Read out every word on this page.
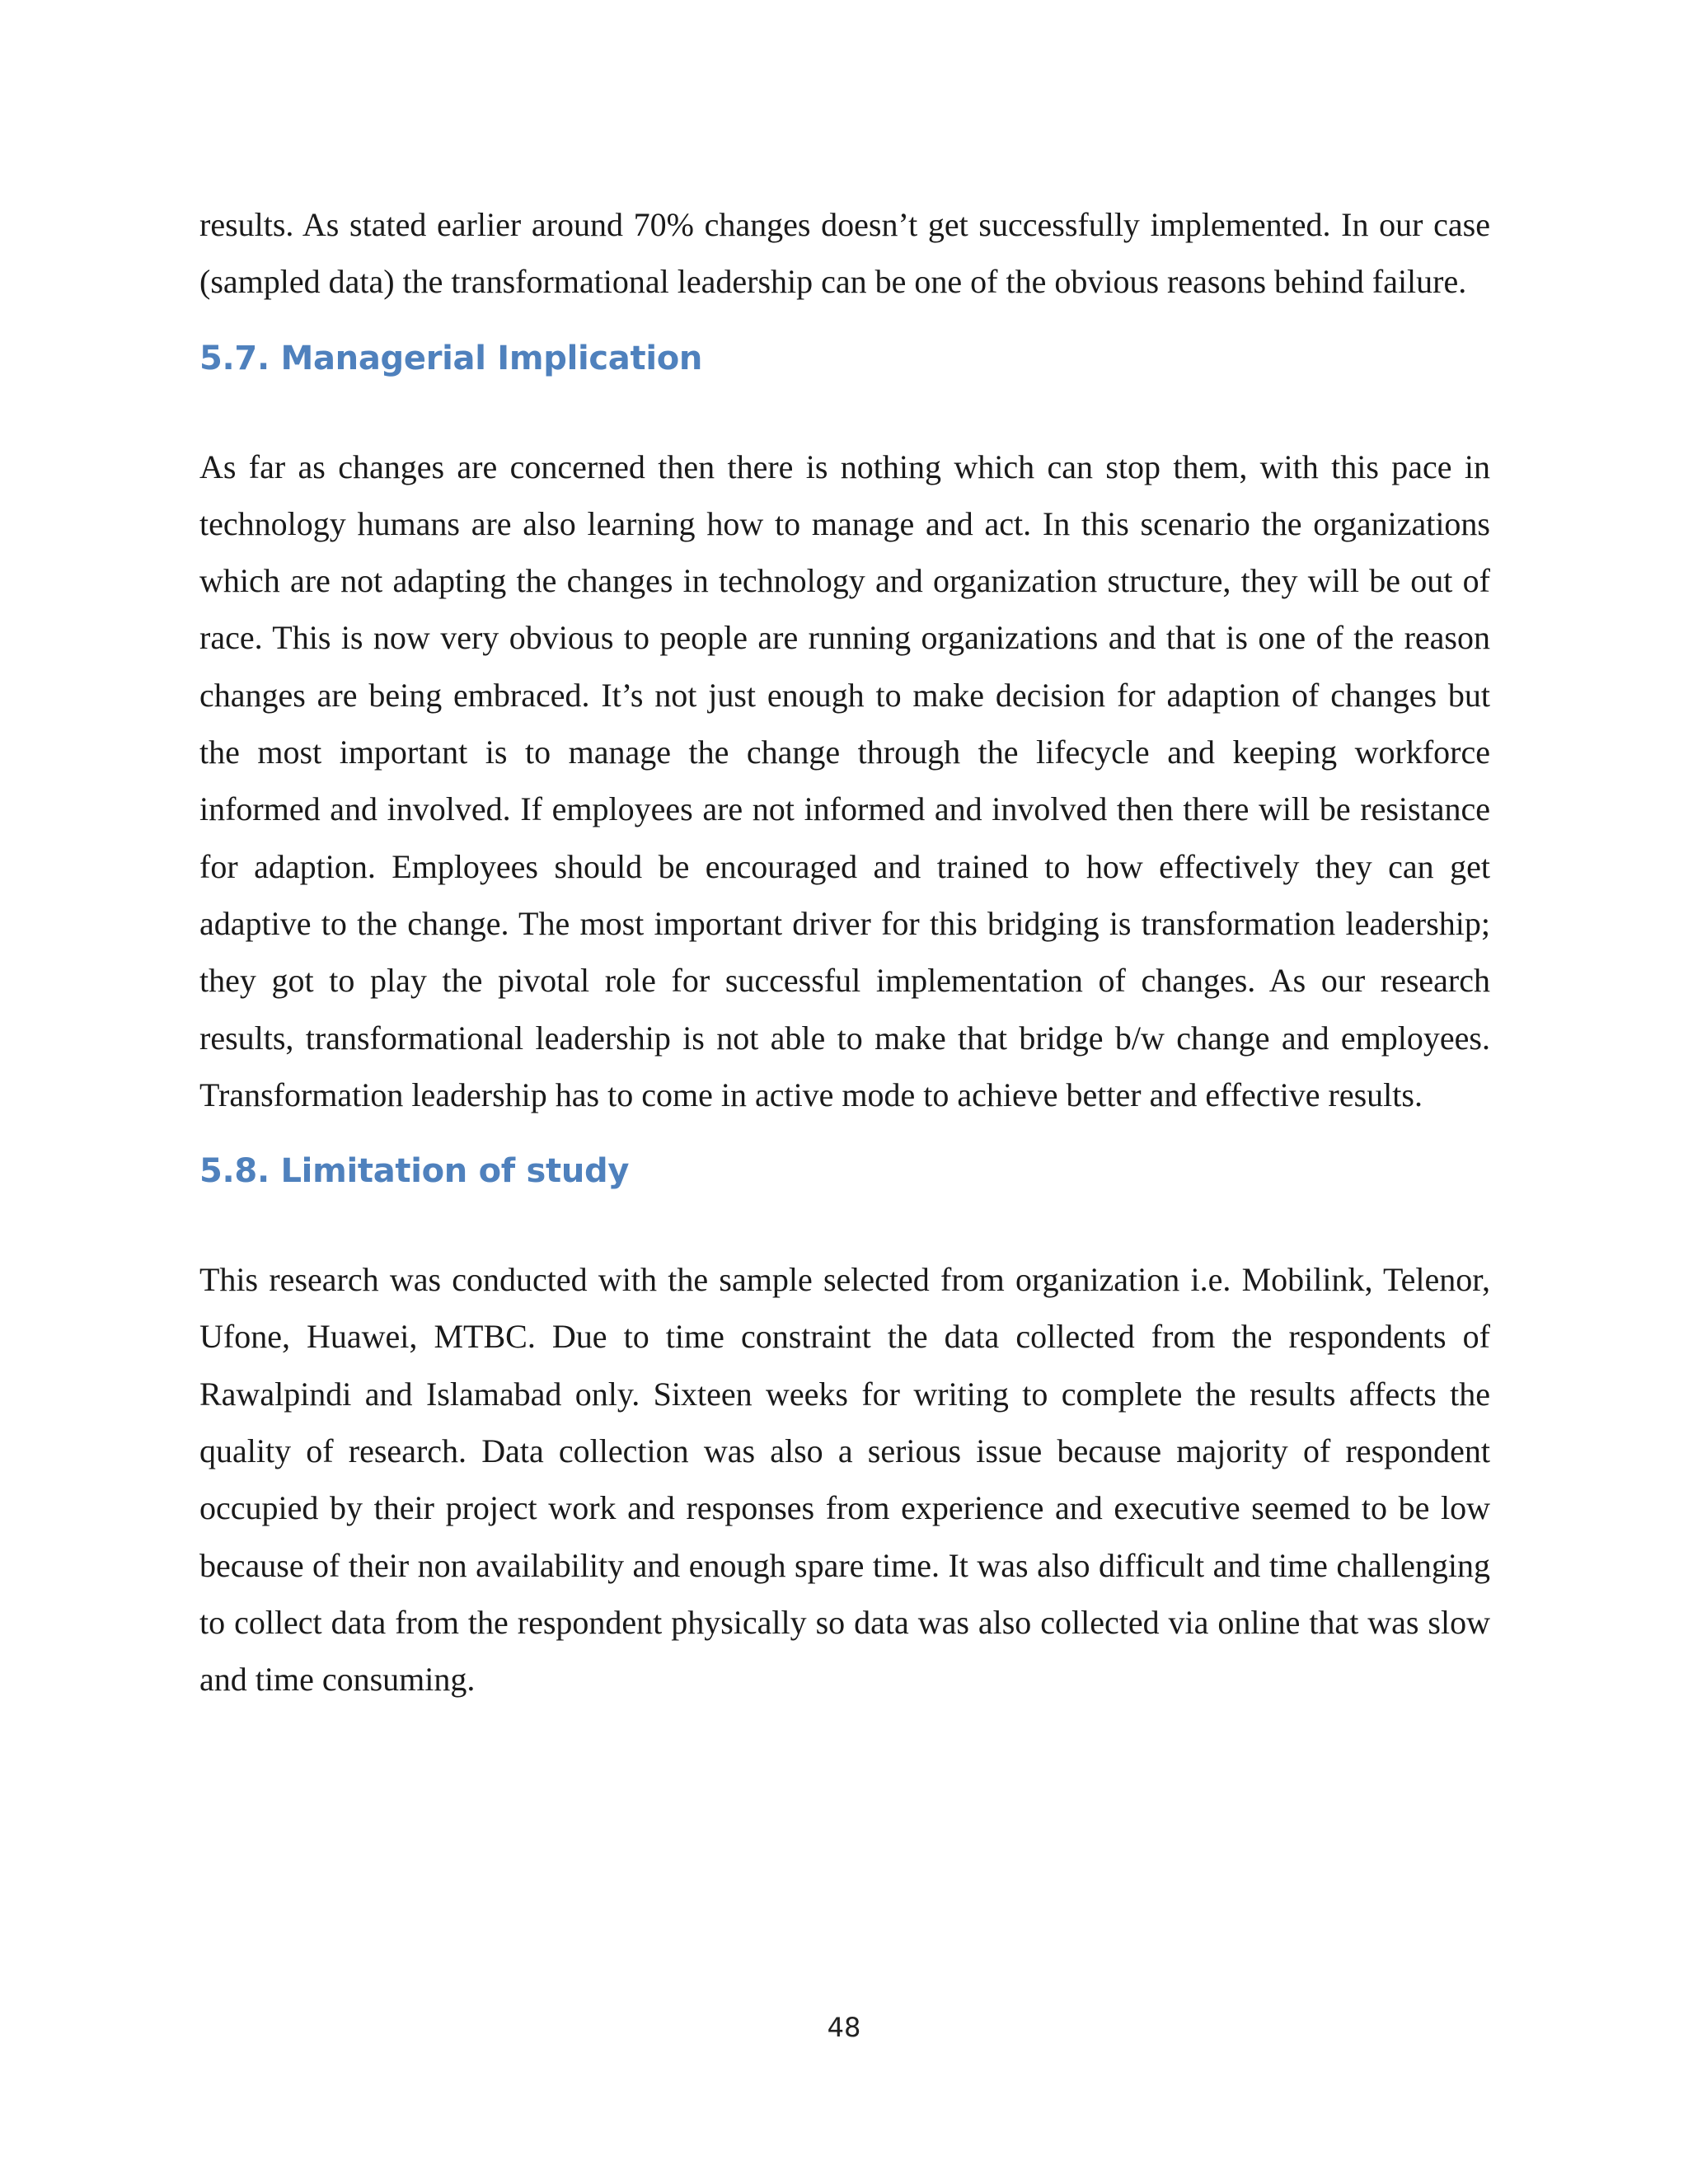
results. As stated earlier around 70% changes doesn’t get successfully implemented. In our case (sampled data) the transformational leadership can be one of the obvious reasons behind failure.

5.7. Managerial Implication

As far as changes are concerned then there is nothing which can stop them, with this pace in technology humans are also learning how to manage and act. In this scenario the organizations which are not adapting the changes in technology and organization structure, they will be out of race. This is now very obvious to people are running organizations and that is one of the reason changes are being embraced. It’s not just enough to make decision for adaption of changes but the most important is to manage the change through the lifecycle and keeping workforce informed and involved. If employees are not informed and involved then there will be resistance for adaption. Employees should be encouraged and trained to how effectively they can get adaptive to the change. The most important driver for this bridging is transformation leadership; they got to play the pivotal role for successful implementation of changes. As our research results, transformational leadership is not able to make that bridge b/w change and employees. Transformation leadership has to come in active mode to achieve better and effective results.

5.8. Limitation of study

This research was conducted with the sample selected from organization i.e. Mobilink, Telenor, Ufone, Huawei, MTBC. Due to time constraint the data collected from the respondents of Rawalpindi and Islamabad only. Sixteen weeks for writing to complete the results affects the quality of research. Data collection was also a serious issue because majority of respondent occupied by their project work and responses from experience and executive seemed to be low because of their non availability and enough spare time. It was also difficult and time challenging to collect data from the respondent physically so data was also collected via online that was slow and time consuming.

48
